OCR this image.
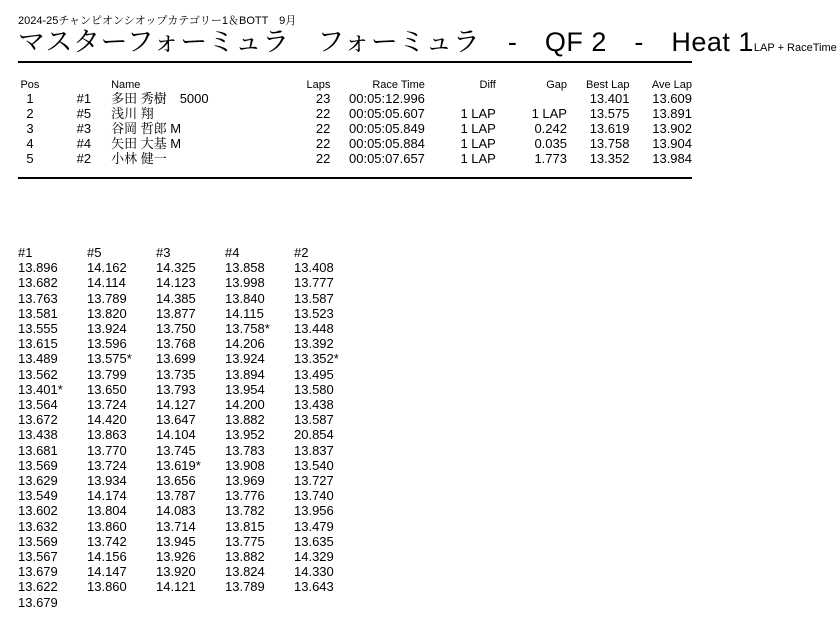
2024-25チャンピオンシオップカテゴリー1＆BOTT　9月
マスターフォーミュラ　フォーミュラ　-　QF 2　-　Heat 1LAP + RaceTime
Pos		Name	Laps	Race Time	Diff	Gap	Best Lap	Ave Lap
1	#1	多田 秀樹　5000	23	00:05:12.996			13.401	13.609
2	#5	浅川 翔	22	00:05:05.607	1 LAP	1 LAP	13.575	13.891
3	#3	谷岡 哲郎 M	22	00:05:05.849	1 LAP	0.242	13.619	13.902
4	#4	矢田 大基 M	22	00:05:05.884	1 LAP	0.035	13.758	13.904
5	#2	小林 健一	22	00:05:07.657	1 LAP	1.773	13.352	13.984
#1	#5	#3	#4	#2
13.896	14.162	14.325	13.858	13.408
13.682	14.114	14.123	13.998	13.777
13.763	13.789	14.385	13.840	13.587
13.581	13.820	13.877	14.115	13.523
13.555	13.924	13.750	13.758*	13.448
13.615	13.596	13.768	14.206	13.392
13.489	13.575*	13.699	13.924	13.352*
13.562	13.799	13.735	13.894	13.495
13.401*	13.650	13.793	13.954	13.580
13.564	13.724	14.127	14.200	13.438
13.672	14.420	13.647	13.882	13.587
13.438	13.863	14.104	13.952	20.854
13.681	13.770	13.745	13.783	13.837
13.569	13.724	13.619*	13.908	13.540
13.629	13.934	13.656	13.969	13.727
13.549	14.174	13.787	13.776	13.740
13.602	13.804	14.083	13.782	13.956
13.632	13.860	13.714	13.815	13.479
13.569	13.742	13.945	13.775	13.635
13.567	14.156	13.926	13.882	14.329
13.679	14.147	13.920	13.824	14.330
13.622	13.860	14.121	13.789	13.643
13.679				
